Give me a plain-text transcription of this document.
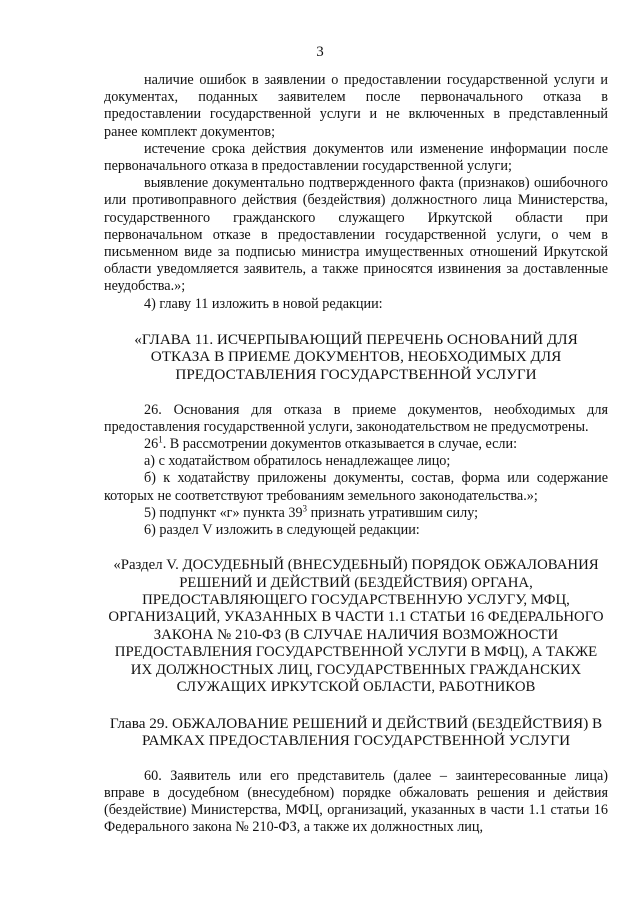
3

наличие ошибок в заявлении о предоставлении государственной услуги и документах, поданных заявителем после первоначального отказа в предоставлении государственной услуги и не включенных в представленный ранее комплект документов;

истечение срока действия документов или изменение информации после первоначального отказа в предоставлении государственной услуги;

выявление документально подтвержденного факта (признаков) ошибочного или противоправного действия (бездействия) должностного лица Министерства, государственного гражданского служащего Иркутской области при первоначальном отказе в предоставлении государственной услуги, о чем в письменном виде за подписью министра имущественных отношений Иркутской области уведомляется заявитель, а также приносятся извинения за доставленные неудобства.»;

4) главу 11 изложить в новой редакции:

«ГЛАВА 11. ИСЧЕРПЫВАЮЩИЙ ПЕРЕЧЕНЬ ОСНОВАНИЙ ДЛЯ ОТКАЗА В ПРИЕМЕ ДОКУМЕНТОВ, НЕОБХОДИМЫХ ДЛЯ ПРЕДОСТАВЛЕНИЯ ГОСУДАРСТВЕННОЙ УСЛУГИ

26. Основания для отказа в приеме документов, необходимых для предоставления государственной услуги, законодательством не предусмотрены.

$26^1$. В рассмотрении документов отказывается в случае, если:

а) с ходатайством обратилось ненадлежащее лицо;

б) к ходатайству приложены документы, состав, форма или содержание которых не соответствуют требованиям земельного законодательства.»;

5) подпункт «г» пункта $39^3$ признать утратившим силу;

6) раздел V изложить в следующей редакции:

«Раздел V. ДОСУДЕБНЫЙ (ВНЕСУДЕБНЫЙ) ПОРЯДОК ОБЖАЛОВАНИЯ РЕШЕНИЙ И ДЕЙСТВИЙ (БЕЗДЕЙСТВИЯ) ОРГАНА, ПРЕДОСТАВЛЯЮЩЕГО ГОСУДАРСТВЕННУЮ УСЛУГУ, МФЦ, ОРГАНИЗАЦИЙ, УКАЗАННЫХ В ЧАСТИ 1.1 СТАТЬИ 16 ФЕДЕРАЛЬНОГО ЗАКОНА № 210-ФЗ (В СЛУЧАЕ НАЛИЧИЯ ВОЗМОЖНОСТИ ПРЕДОСТАВЛЕНИЯ ГОСУДАРСТВЕННОЙ УСЛУГИ В МФЦ), А ТАКЖЕ ИХ ДОЛЖНОСТНЫХ ЛИЦ, ГОСУДАРСТВЕННЫХ ГРАЖДАНСКИХ СЛУЖАЩИХ ИРКУТСКОЙ ОБЛАСТИ, РАБОТНИКОВ

Глава 29. ОБЖАЛОВАНИЕ РЕШЕНИЙ И ДЕЙСТВИЙ (БЕЗДЕЙСТВИЯ) В РАМКАХ ПРЕДОСТАВЛЕНИЯ ГОСУДАРСТВЕННОЙ УСЛУГИ

60. Заявитель или его представитель (далее – заинтересованные лица) вправе в досудебном (внесудебном) порядке обжаловать решения и действия (бездействие) Министерства, МФЦ, организаций, указанных в части 1.1 статьи 16 Федерального закона № 210-ФЗ, а также их должностных лиц,
